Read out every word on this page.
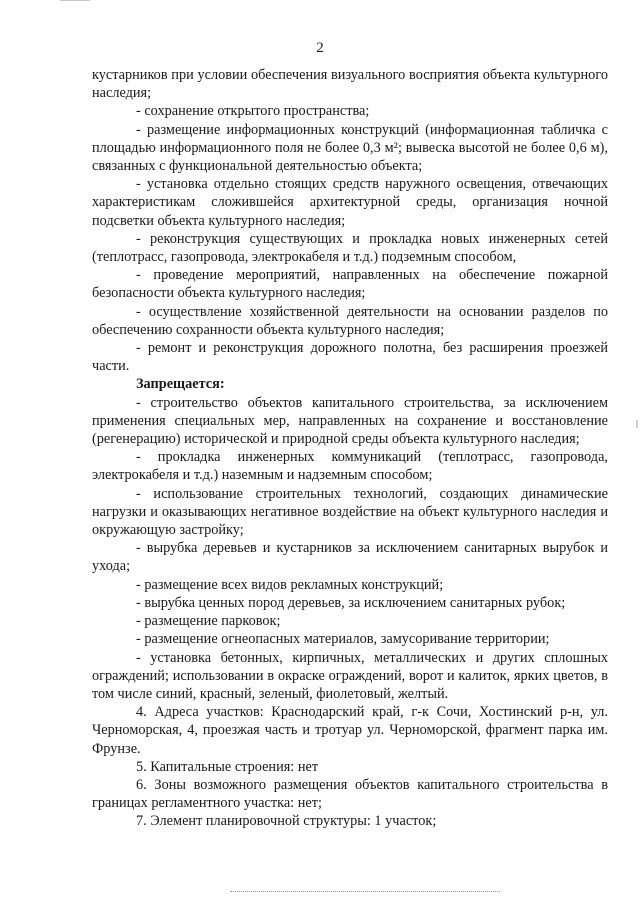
2

кустарников при условии обеспечения визуального восприятия объекта культурного наследия;

- сохранение открытого пространства;

- размещение информационных конструкций (информационная табличка с площадью информационного поля не более 0,3 м²; вывеска высотой не более 0,6 м), связанных с функциональной деятельностью объекта;

- установка отдельно стоящих средств наружного освещения, отвечающих характеристикам сложившейся архитектурной среды, организация ночной подсветки объекта культурного наследия;

- реконструкция существующих и прокладка новых инженерных сетей (теплотрасс, газопровода, электрокабеля и т.д.) подземным способом,

- проведение мероприятий, направленных на обеспечение пожарной безопасности объекта культурного наследия;

- осуществление хозяйственной деятельности на основании разделов по обеспечению сохранности объекта культурного наследия;

- ремонт и реконструкция дорожного полотна, без расширения проезжей части.

Запрещается:

- строительство объектов капитального строительства, за исключением применения специальных мер, направленных на сохранение и восстановление (регенерацию) исторической и природной среды объекта культурного наследия;

- прокладка инженерных коммуникаций (теплотрасс, газопровода, электрокабеля и т.д.) наземным и надземным способом;

- использование строительных технологий, создающих динамические нагрузки и оказывающих негативное воздействие на объект культурного наследия и окружающую застройку;

- вырубка деревьев и кустарников за исключением санитарных вырубок и ухода;

- размещение всех видов рекламных конструкций;

- вырубка ценных пород деревьев, за исключением санитарных рубок;

- размещение парковок;

- размещение огнеопасных материалов, замусоривание территории;

- установка бетонных, кирпичных, металлических и других сплошных ограждений; использовании в окраске ограждений, ворот и калиток, ярких цветов, в том числе синий, красный, зеленый, фиолетовый, желтый.

4. Адреса участков: Краснодарский край, г-к Сочи, Хостинский р-н, ул. Черноморская, 4, проезжая часть и тротуар ул. Черноморской, фрагмент парка им. Фрунзе.

5. Капитальные строения: нет

6. Зоны возможного размещения объектов капитального строительства в границах регламентного участка: нет;

7. Элемент планировочной структуры: 1 участок;
